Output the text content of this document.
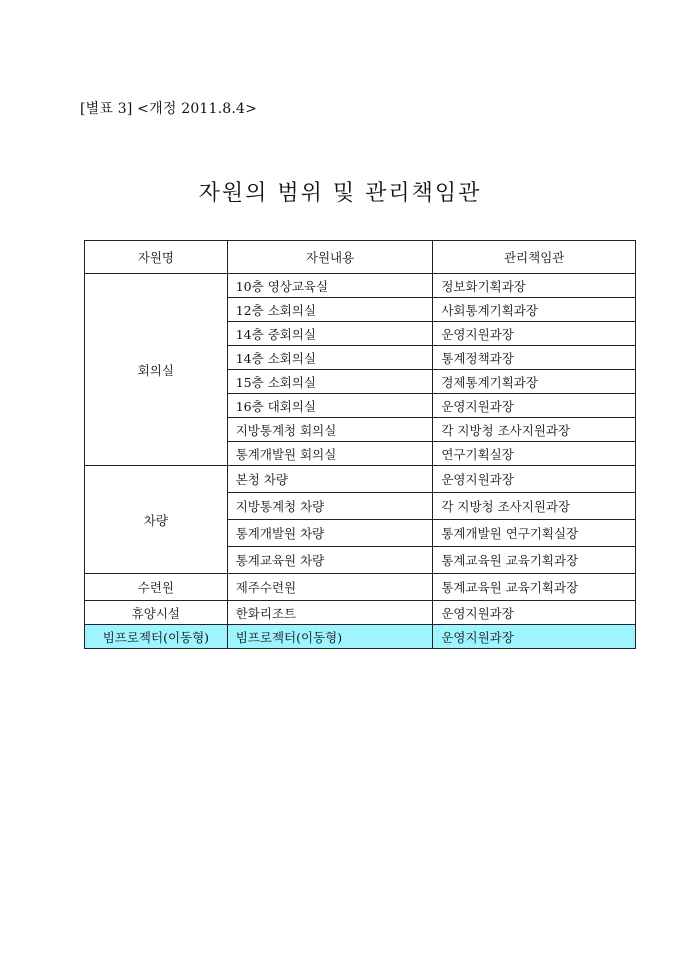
[별표 3] <개정 2011.8.4>
자원의 범위 및 관리책임관
자원명	자원내용	관리책임관
회의실	10층 영상교육실	정보화기획과장
	12층 소회의실	사회통계기획과장
	14층 중회의실	운영지원과장
	14층 소회의실	통계정책과장
	15층 소회의실	경제통계기획과장
	16층 대회의실	운영지원과장
	지방통계청 회의실	각 지방청 조사지원과장
	통계개발원 회의실	연구기획실장
차량	본청 차량	운영지원과장
	지방통계청 차량	각 지방청 조사지원과장
	통계개발원 차량	통계개발원 연구기획실장
	통계교육원 차량	통계교육원 교육기획과장
수련원	제주수련원	통계교육원 교육기획과장
휴양시설	한화리조트	운영지원과장
빔프로젝터(이동형)	빔프로젝터(이동형)	운영지원과장
